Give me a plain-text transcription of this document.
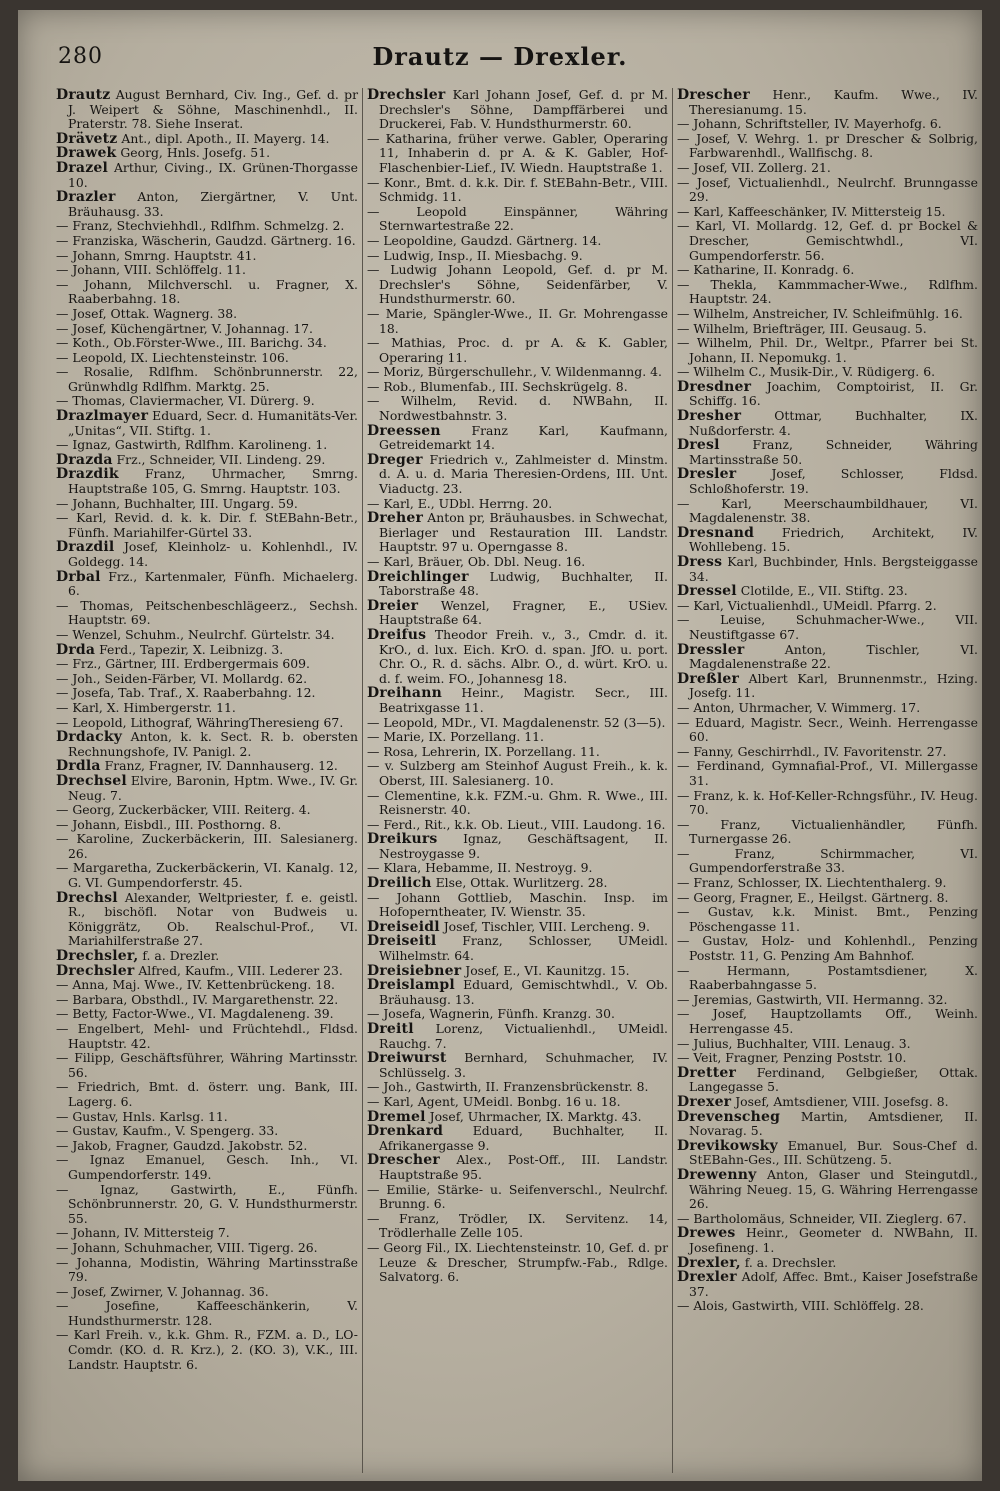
280	Drautz — Drexler.

Drautz August Bernhard, Civ. Ing., Gef. d. pr J. Weipert & Söhne, Maschinenhdl., II. Praterstr. 78. Siehe Inserat.

Drävetz Ant., dipl. Apoth., II. Mayerg. 14.

Drawek Georg, Hnls. Josefg. 51.

Drazel Arthur, Civing., IX. Grünen-Thorgasse 10.

Drazler Anton, Ziergärtner, V. Unt. Bräuhausg. 33.

— Franz, Stechviehhdl., Rdlfhm. Schmelzg. 2.

— Franziska, Wäscherin, Gaudzd. Gärtnerg. 16.

— Johann, Smrng. Hauptstr. 41.

— Johann, VIII. Schlöffelg. 11.

— Johann, Milchverschl. u. Fragner, X. Raaberbahng. 18.

— Josef, Ottak. Wagnerg. 38.

— Josef, Küchengärtner, V. Johannag. 17.

— Koth., Ob.Förster-Wwe., III. Barichg. 34.

— Leopold, IX. Liechtensteinstr. 106.

— Rosalie, Rdlfhm. Schönbrunnerstr. 22, Grünwhdlg Rdlfhm. Marktg. 25.

— Thomas, Claviermacher, VI. Dürerg. 9.

Drazlmayer Eduard, Secr. d. Humanitäts-Ver. „Unitas“, VII. Stiftg. 1.

— Ignaz, Gastwirth, Rdlfhm. Karolineng. 1.

Drazda Frz., Schneider, VII. Lindeng. 29.

Drazdik Franz, Uhrmacher, Smrng. Hauptstraße 105, G. Smrng. Hauptstr. 103.

— Johann, Buchhalter, III. Ungarg. 59.

— Karl, Revid. d. k. k. Dir. f. StEBahn-Betr., Fünfh. Mariahilfer-Gürtel 33.

Drazdil Josef, Kleinholz- u. Kohlenhdl., IV. Goldegg. 14.

Drbal Frz., Kartenmaler, Fünfh. Michaelerg. 6.

— Thomas, Peitschenbeschlägeerz., Sechsh. Hauptstr. 69.

— Wenzel, Schuhm., Neulrchf. Gürtelstr. 34.

Drda Ferd., Tapezir, X. Leibnizg. 3.

— Frz., Gärtner, III. Erdbergermais 609.

— Joh., Seiden-Färber, VI. Mollardg. 62.

— Josefa, Tab. Traf., X. Raaberbahng. 12.

— Karl, X. Himbergerstr. 11.

— Leopold, Lithograf, WähringTheresieng 67.

Drdacky Anton, k. k. Sect. R. b. obersten Rechnungshofe, IV. Panigl. 2.

Drdla Franz, Fragner, IV. Dannhauserg. 12.

Drechsel Elvire, Baronin, Hptm. Wwe., IV. Gr. Neug. 7.

— Georg, Zuckerbäcker, VIII. Reiterg. 4.

— Johann, Eisbdl., III. Posthorng. 8.

— Karoline, Zuckerbäckerin, III. Salesianerg. 26.

— Margaretha, Zuckerbäckerin, VI. Kanalg. 12, G. VI. Gumpendorferstr. 45.

Drechsl Alexander, Weltpriester, f. e. geistl. R., bischöfl. Notar von Budweis u. Königgrätz, Ob. Realschul-Prof., VI. Mariahilferstraße 27.

Drechsler, f. a. Drezler.

Drechsler Alfred, Kaufm., VIII. Lederer 23.

— Anna, Maj. Wwe., IV. Kettenbrückeng. 18.

— Barbara, Obsthdl., IV. Margarethenstr. 22.

— Betty, Factor-Wwe., VI. Magdaleneng. 39.

— Engelbert, Mehl- und Früchtehdl., Fldsd. Hauptstr. 42.

— Filipp, Geschäftsführer, Währing Martinsstr. 56.

— Friedrich, Bmt. d. österr. ung. Bank, III. Lagerg. 6.

— Gustav, Hnls. Karlsg. 11.

— Gustav, Kaufm., V. Spengerg. 33.

— Jakob, Fragner, Gaudzd. Jakobstr. 52.

— Ignaz Emanuel, Gesch. Inh., VI. Gumpendorferstr. 149.

— Ignaz, Gastwirth, E., Fünfh. Schönbrunnerstr. 20, G. V. Hundsthurmerstr. 55.

— Johann, IV. Mittersteig 7.

— Johann, Schuhmacher, VIII. Tigerg. 26.

— Johanna, Modistin, Währing Martinsstraße 79.

— Josef, Zwirner, V. Johannag. 36.

— Josefine, Kaffeeschänkerin, V. Hundsthurmerstr. 128.

— Karl Freih. v., k.k. Ghm. R., FZM. a. D., LO-Comdr. (KO. d. R. Krz.), 2. (KO. 3), V.K., III. Landstr. Hauptstr. 6.

Drechsler Karl Johann Josef, Gef. d. pr M. Drechsler's Söhne, Dampffärberei und Druckerei, Fab. V. Hundsthurmerstr. 60.

— Katharina, früher verwe. Gabler, Operaring 11, Inhaberin d. pr A. & K. Gabler, Hof-Flaschenbier-Lief., IV. Wiedn. Hauptstraße 1.

— Konr., Bmt. d. k.k. Dir. f. StEBahn-Betr., VIII. Schmidg. 11.

— Leopold Einspänner, Währing Sternwartestraße 22.

— Leopoldine, Gaudzd. Gärtnerg. 14.

— Ludwig, Insp., II. Miesbachg. 9.

— Ludwig Johann Leopold, Gef. d. pr M. Drechsler's Söhne, Seidenfärber, V. Hundsthurmerstr. 60.

— Marie, Spängler-Wwe., II. Gr. Mohrengasse 18.

— Mathias, Proc. d. pr A. & K. Gabler, Operaring 11.

— Moriz, Bürgerschullehr., V. Wildenmanng. 4.

— Rob., Blumenfab., III. Sechskrügelg. 8.

— Wilhelm, Revid. d. NWBahn, II. Nordwestbahnstr. 3.

Dreessen Franz Karl, Kaufmann, Getreidemarkt 14.

Dreger Friedrich v., Zahlmeister d. Minstm. d. A. u. d. Maria Theresien-Ordens, III. Unt. Viaductg. 23.

— Karl, E., UDbl. Herrng. 20.

Dreher Anton pr, Bräuhausbes. in Schwechat, Bierlager und Restauration III. Landstr. Hauptstr. 97 u. Operngasse 8.

— Karl, Bräuer, Ob. Dbl. Neug. 16.

Dreichlinger Ludwig, Buchhalter, II. Taborstraße 48.

Dreier Wenzel, Fragner, E., USiev. Hauptstraße 64.

Dreifus Theodor Freih. v., 3., Cmdr. d. it. KrO., d. lux. Eich. KrO. d. span. JfO. u. port. Chr. O., R. d. sächs. Albr. O., d. würt. KrO. u. d. f. weim. FO., Johannesg 18.

Dreihann Heinr., Magistr. Secr., III. Beatrixgasse 11.

— Leopold, MDr., VI. Magdalenenstr. 52 (3—5).

— Marie, IX. Porzellang. 11.

— Rosa, Lehrerin, IX. Porzellang. 11.

— v. Sulzberg am Steinhof August Freih., k. k. Oberst, III. Salesianerg. 10.

— Clementine, k.k. FZM.-u. Ghm. R. Wwe., III. Reisnerstr. 40.

— Ferd., Rit., k.k. Ob. Lieut., VIII. Laudong. 16.

Dreikurs Ignaz, Geschäftsagent, II. Nestroygasse 9.

— Klara, Hebamme, II. Nestroyg. 9.

Dreilich Else, Ottak. Wurlitzerg. 28.

— Johann Gottlieb, Maschin. Insp. im Hofoperntheater, IV. Wienstr. 35.

Dreiseidl Josef, Tischler, VIII. Lercheng. 9.

Dreiseitl Franz, Schlosser, UMeidl. Wilhelmstr. 64.

Dreisiebner Josef, E., VI. Kaunitzg. 15.

Dreislampl Eduard, Gemischtwhdl., V. Ob. Bräuhausg. 13.

— Josefa, Wagnerin, Fünfh. Kranzg. 30.

Dreitl Lorenz, Victualienhdl., UMeidl. Rauchg. 7.

Dreiwurst Bernhard, Schuhmacher, IV. Schlüsselg. 3.

— Joh., Gastwirth, II. Franzensbrückenstr. 8.

— Karl, Agent, UMeidl. Bonbg. 16 u. 18.

Dremel Josef, Uhrmacher, IX. Marktg. 43.

Drenkard Eduard, Buchhalter, II. Afrikanergasse 9.

Drescher Alex., Post-Off., III. Landstr. Hauptstraße 95.

— Emilie, Stärke- u. Seifenverschl., Neulrchf. Brunng. 6.

— Franz, Trödler, IX. Servitenz. 14, Trödlerhalle Zelle 105.

— Georg Fil., IX. Liechtensteinstr. 10, Gef. d. pr Leuze & Drescher, Strumpfw.-Fab., Rdlge. Salvatorg. 6.

Drescher Henr., Kaufm. Wwe., IV. Theresianumg. 15.

— Johann, Schriftsteller, IV. Mayerhofg. 6.

— Josef, V. Wehrg. 1. pr Drescher & Solbrig, Farbwarenhdl., Wallfischg. 8.

— Josef, VII. Zollerg. 21.

— Josef, Victualienhdl., Neulrchf. Brunngasse 29.

— Karl, Kaffeeschänker, IV. Mittersteig 15.

— Karl, VI. Mollardg. 12, Gef. d. pr Bockel & Drescher, Gemischtwhdl., VI. Gumpendorferstr. 56.

— Katharine, II. Konradg. 6.

— Thekla, Kammmacher-Wwe., Rdlfhm. Hauptstr. 24.

— Wilhelm, Anstreicher, IV. Schleifmühlg. 16.

— Wilhelm, Briefträger, III. Geusaug. 5.

— Wilhelm, Phil. Dr., Weltpr., Pfarrer bei St. Johann, II. Nepomukg. 1.

— Wilhelm C., Musik-Dir., V. Rüdigerg. 6.

Dresdner Joachim, Comptoirist, II. Gr. Schiffg. 16.

Dresher Ottmar, Buchhalter, IX. Nußdorferstr. 4.

Dresl Franz, Schneider, Währing Martinsstraße 50.

Dresler Josef, Schlosser, Fldsd. Schloßhoferstr. 19.

— Karl, Meerschaumbildhauer, VI. Magdalenenstr. 38.

Dresnand Friedrich, Architekt, IV. Wohllebeng. 15.

Dress Karl, Buchbinder, Hnls. Bergsteiggasse 34.

Dressel Clotilde, E., VII. Stiftg. 23.

— Karl, Victualienhdl., UMeidl. Pfarrg. 2.

— Leuise, Schuhmacher-Wwe., VII. Neustiftgasse 67.

Dressler Anton, Tischler, VI. Magdalenenstraße 22.

Dreßler Albert Karl, Brunnenmstr., Hzing. Josefg. 11.

— Anton, Uhrmacher, V. Wimmerg. 17.

— Eduard, Magistr. Secr., Weinh. Herrengasse 60.

— Fanny, Geschirrhdl., IV. Favoritenstr. 27.

— Ferdinand, Gymnafial-Prof., VI. Millergasse 31.

— Franz, k. k. Hof-Keller-Rchngsführ., IV. Heug. 70.

— Franz, Victualienhändler, Fünfh. Turnergasse 26.

— Franz, Schirmmacher, VI. Gumpendorferstraße 33.

— Franz, Schlosser, IX. Liechtenthalerg. 9.

— Georg, Fragner, E., Heilgst. Gärtnerg. 8.

— Gustav, k.k. Minist. Bmt., Penzing Pöschengasse 11.

— Gustav, Holz- und Kohlenhdl., Penzing Poststr. 11, G. Penzing Am Bahnhof.

— Hermann, Postamtsdiener, X. Raaberbahngasse 5.

— Jeremias, Gastwirth, VII. Hermanng. 32.

— Josef, Hauptzollamts Off., Weinh. Herrengasse 45.

— Julius, Buchhalter, VIII. Lenaug. 3.

— Veit, Fragner, Penzing Poststr. 10.

Dretter Ferdinand, Gelbgießer, Ottak. Langegasse 5.

Drexer Josef, Amtsdiener, VIII. Josefsg. 8.

Drevenscheg Martin, Amtsdiener, II. Novarag. 5.

Drevikowsky Emanuel, Bur. Sous-Chef d. StEBahn-Ges., III. Schützeng. 5.

Drewenny Anton, Glaser und Steingutdl., Währing Neueg. 15, G. Währing Herrengasse 26.

— Bartholomäus, Schneider, VII. Zieglerg. 67.

Drewes Heinr., Geometer d. NWBahn, II. Josefineng. 1.

Drexler, f. a. Drechsler.

Drexler Adolf, Affec. Bmt., Kaiser Josefstraße 37.

— Alois, Gastwirth, VIII. Schlöffelg. 28.
